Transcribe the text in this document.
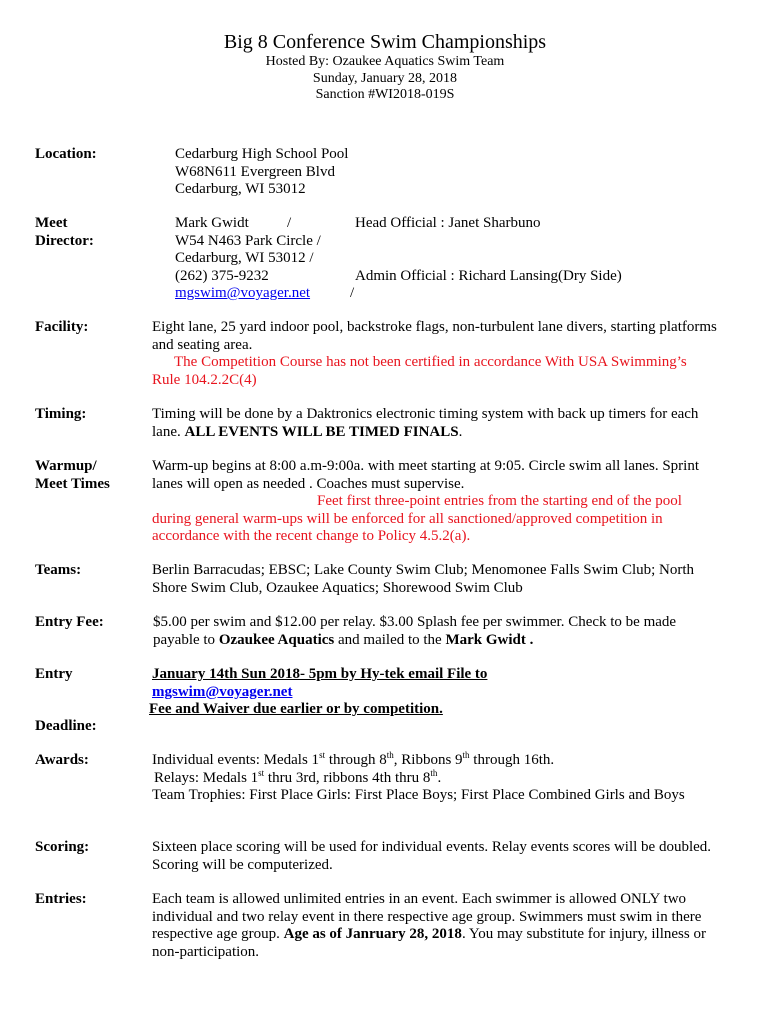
Big 8 Conference Swim Championships
Hosted By: Ozaukee Aquatics Swim Team
Sunday, January 28, 2018
Sanction #WI2018-019S
Location:	Cedarburg High School Pool
W68N611 Evergreen Blvd
Cedarburg, WI 53012
Meet
Director:
Mark Gwidt	/	Head Official : Janet Sharbuno
W54 N463 Park Circle /
Cedarburg, WI 53012 /
(262) 375-9232	Admin Official : Richard Lansing(Dry Side)
mgswim@voyager.net	/
Facility:	Eight lane, 25 yard indoor pool, backstroke flags, non-turbulent lane divers, starting platforms and seating area.
The Competition Course has not been certified in accordance With USA Swimming’s Rule 104.2.2C(4)
Timing:	Timing will be done by a Daktronics electronic timing system with back up timers for each lane. ALL EVENTS WILL BE TIMED FINALS.
Warmup/
Meet Times
Warm-up begins at 8:00 a.m-9:00a. with meet starting at 9:05. Circle swim all lanes. Sprint lanes will open as needed . Coaches must supervise.
Feet first three-point entries from the starting end of the pool during general warm-ups will be enforced for all sanctioned/approved competition in accordance with the recent change to Policy 4.5.2(a).
Teams:	Berlin Barracudas; EBSC; Lake County Swim Club; Menomonee Falls Swim Club; North Shore Swim Club, Ozaukee Aquatics; Shorewood Swim Club
Entry Fee:	$5.00 per swim and $12.00 per relay. $3.00 Splash fee per swimmer. Check to be made payable to Ozaukee Aquatics and mailed to the Mark Gwidt .
Entry
Deadline:
January 14th Sun 2018- 5pm by Hy-tek email File to
mgswim@voyager.net
Fee and Waiver due earlier or by competition.
Awards:	Individual events: Medals 1st through 8th, Ribbons 9th through 16th.
Relays: Medals 1st thru 3rd, ribbons 4th thru 8th.
Team Trophies: First Place Girls: First Place Boys; First Place Combined Girls and Boys
Scoring:	Sixteen place scoring will be used for individual events. Relay events scores will be doubled. Scoring will be computerized.
Entries:	Each team is allowed unlimited entries in an event. Each swimmer is allowed ONLY two individual and two relay event in there respective age group. Swimmers must swim in there respective age group. Age as of Janruary 28, 2018. You may substitute for injury, illness or non-participation.
